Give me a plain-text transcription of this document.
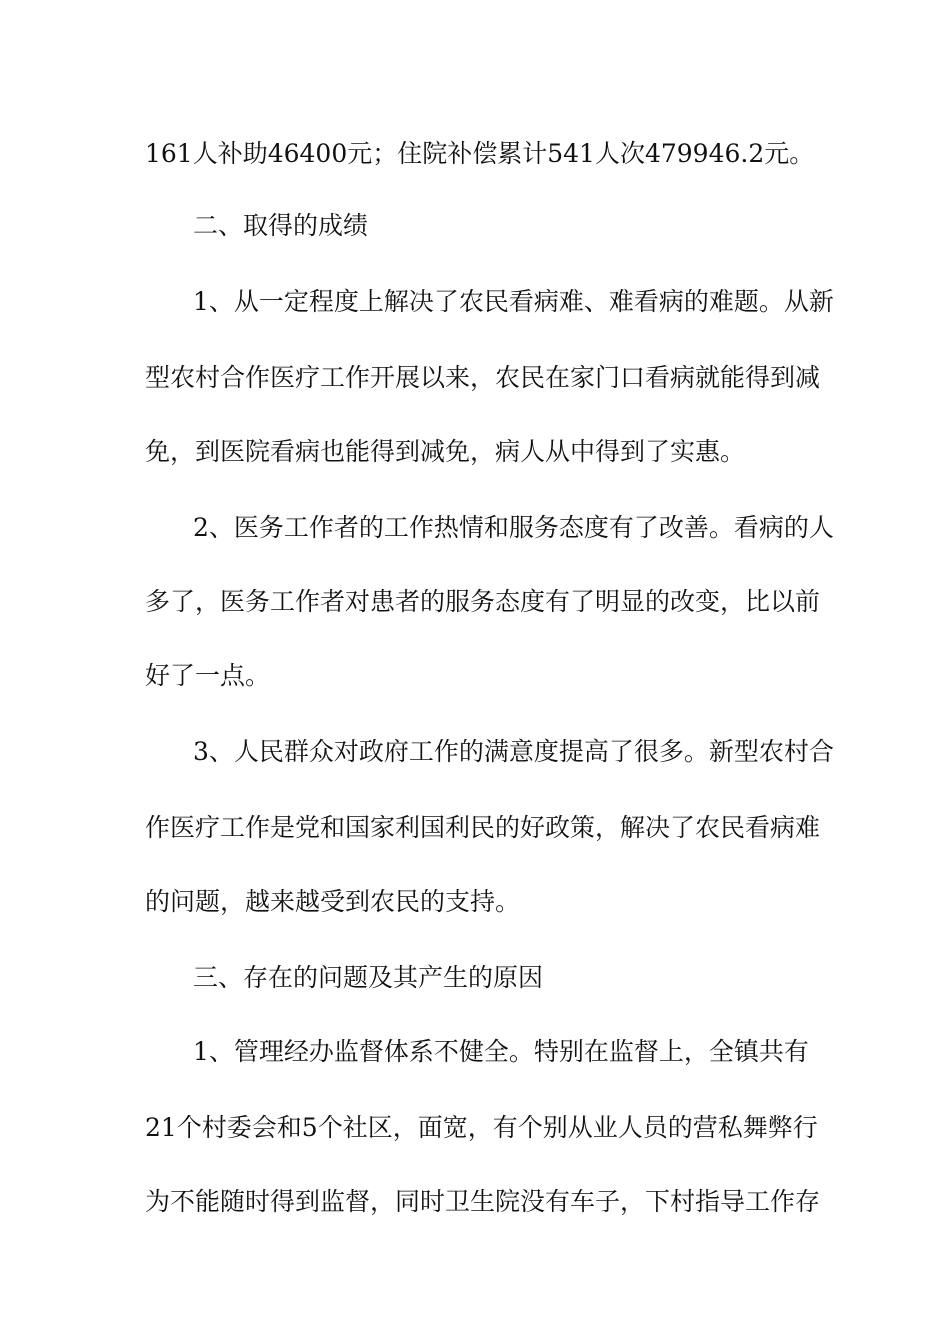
161人补助46400元；住院补偿累计541人次479946.2元。
二、取得的成绩
1、从一定程度上解决了农民看病难、难看病的难题。从新
型农村合作医疗工作开展以来，农民在家门口看病就能得到减
免，到医院看病也能得到减免，病人从中得到了实惠。
2、医务工作者的工作热情和服务态度有了改善。看病的人
多了，医务工作者对患者的服务态度有了明显的改变，比以前
好了一点。
3、人民群众对政府工作的满意度提高了很多。新型农村合
作医疗工作是党和国家利国利民的好政策，解决了农民看病难
的问题，越来越受到农民的支持。
三、存在的问题及其产生的原因
1、管理经办监督体系不健全。特别在监督上，全镇共有
21个村委会和5个社区，面宽，有个别从业人员的营私舞弊行
为不能随时得到监督，同时卫生院没有车子，下村指导工作存
